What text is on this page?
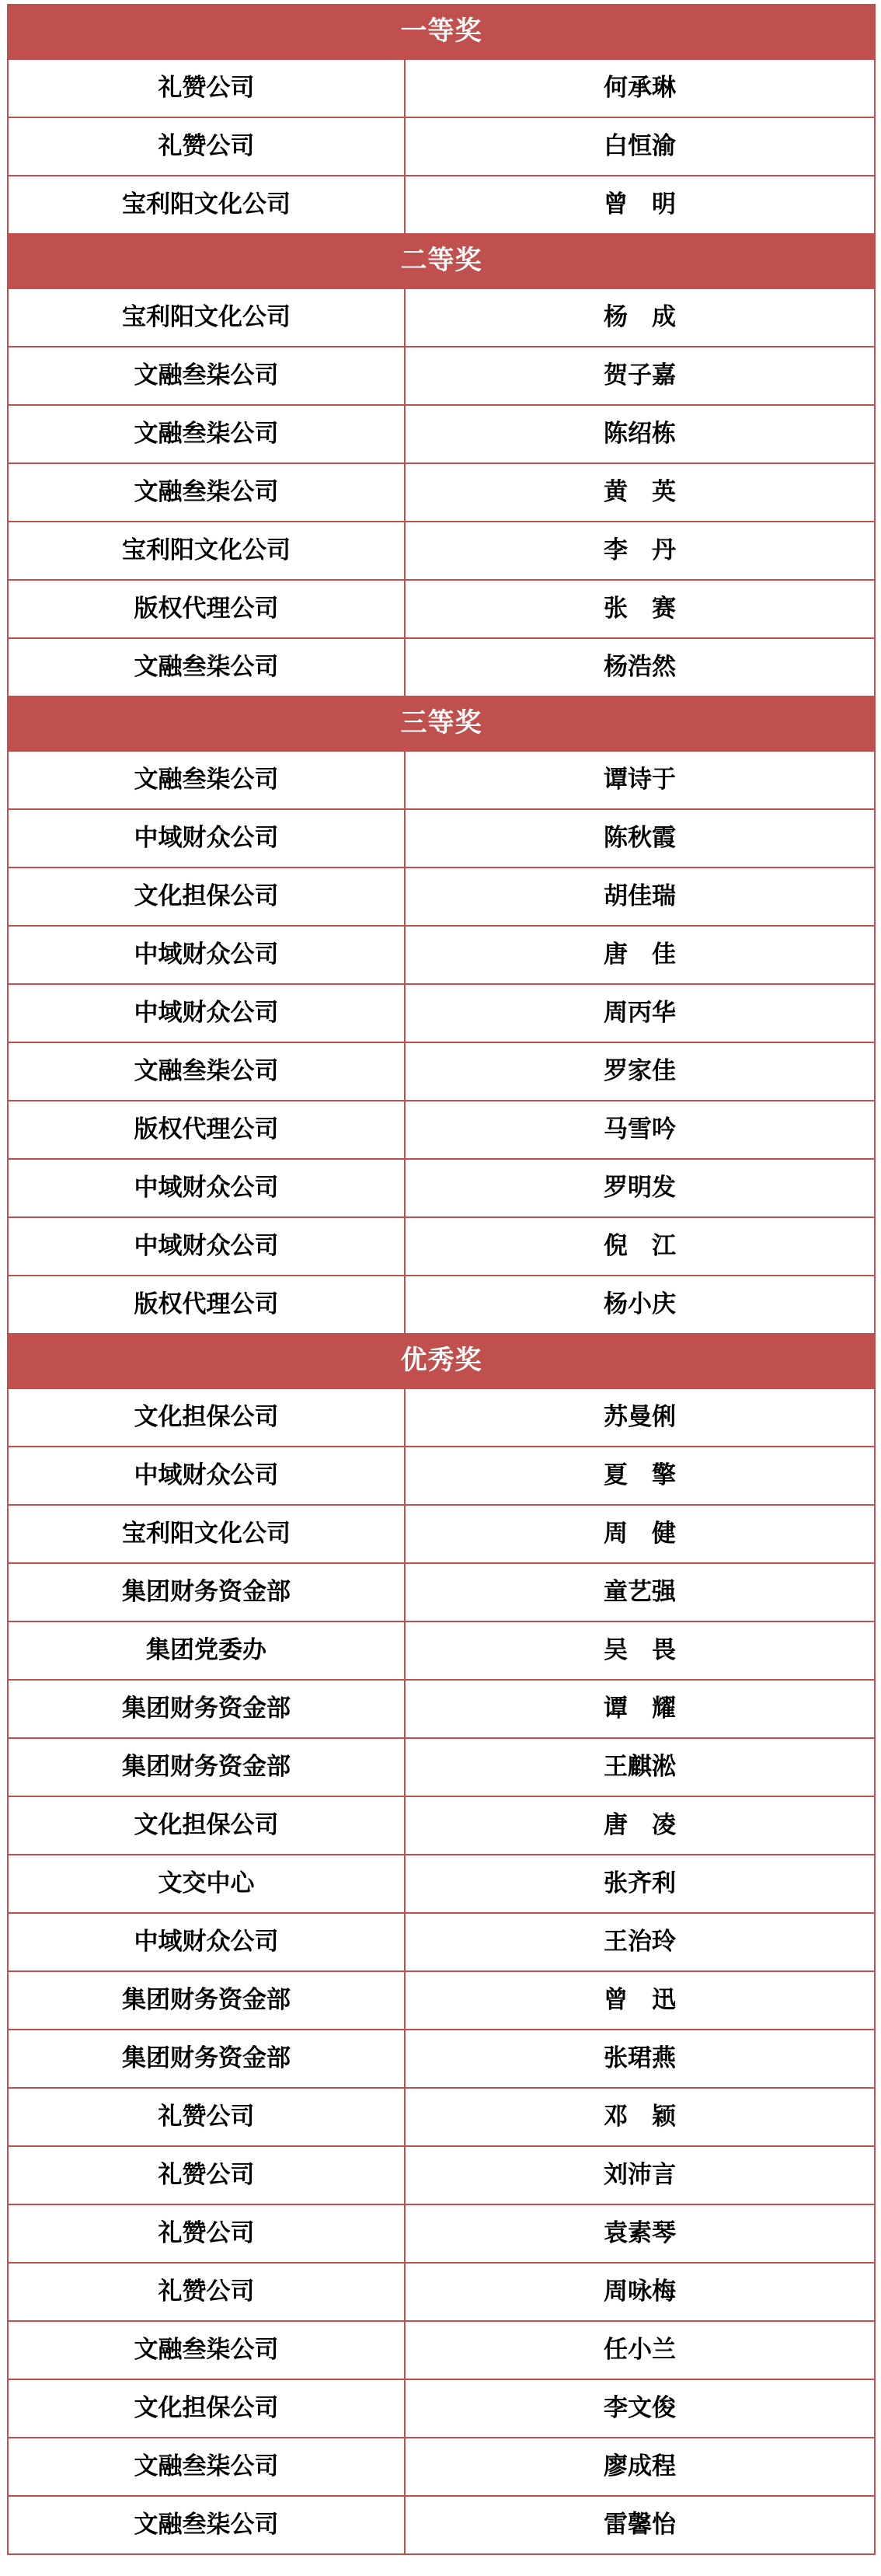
一等奖	
礼赞公司	何承琳
礼赞公司	白恒渝
宝利阳文化公司	曾　明
二等奖	
宝利阳文化公司	杨　成
文融叁柒公司	贺子嘉
文融叁柒公司	陈绍栋
文融叁柒公司	黄　英
宝利阳文化公司	李　丹
版权代理公司	张　赛
文融叁柒公司	杨浩然
三等奖	
文融叁柒公司	谭诗于
中域财众公司	陈秋霞
文化担保公司	胡佳瑞
中域财众公司	唐　佳
中域财众公司	周丙华
文融叁柒公司	罗家佳
版权代理公司	马雪吟
中域财众公司	罗明发
中域财众公司	倪　江
版权代理公司	杨小庆
优秀奖	
文化担保公司	苏曼俐
中域财众公司	夏　擎
宝利阳文化公司	周　健
集团财务资金部	童艺强
集团党委办	吴　畏
集团财务资金部	谭　耀
集团财务资金部	王麒淞
文化担保公司	唐　凌
文交中心	张齐利
中域财众公司	王治玲
集团财务资金部	曾　迅
集团财务资金部	张珺燕
礼赞公司	邓　颖
礼赞公司	刘沛言
礼赞公司	袁素琴
礼赞公司	周咏梅
文融叁柒公司	任小兰
文化担保公司	李文俊
文融叁柒公司	廖成程
文融叁柒公司	雷馨怡
